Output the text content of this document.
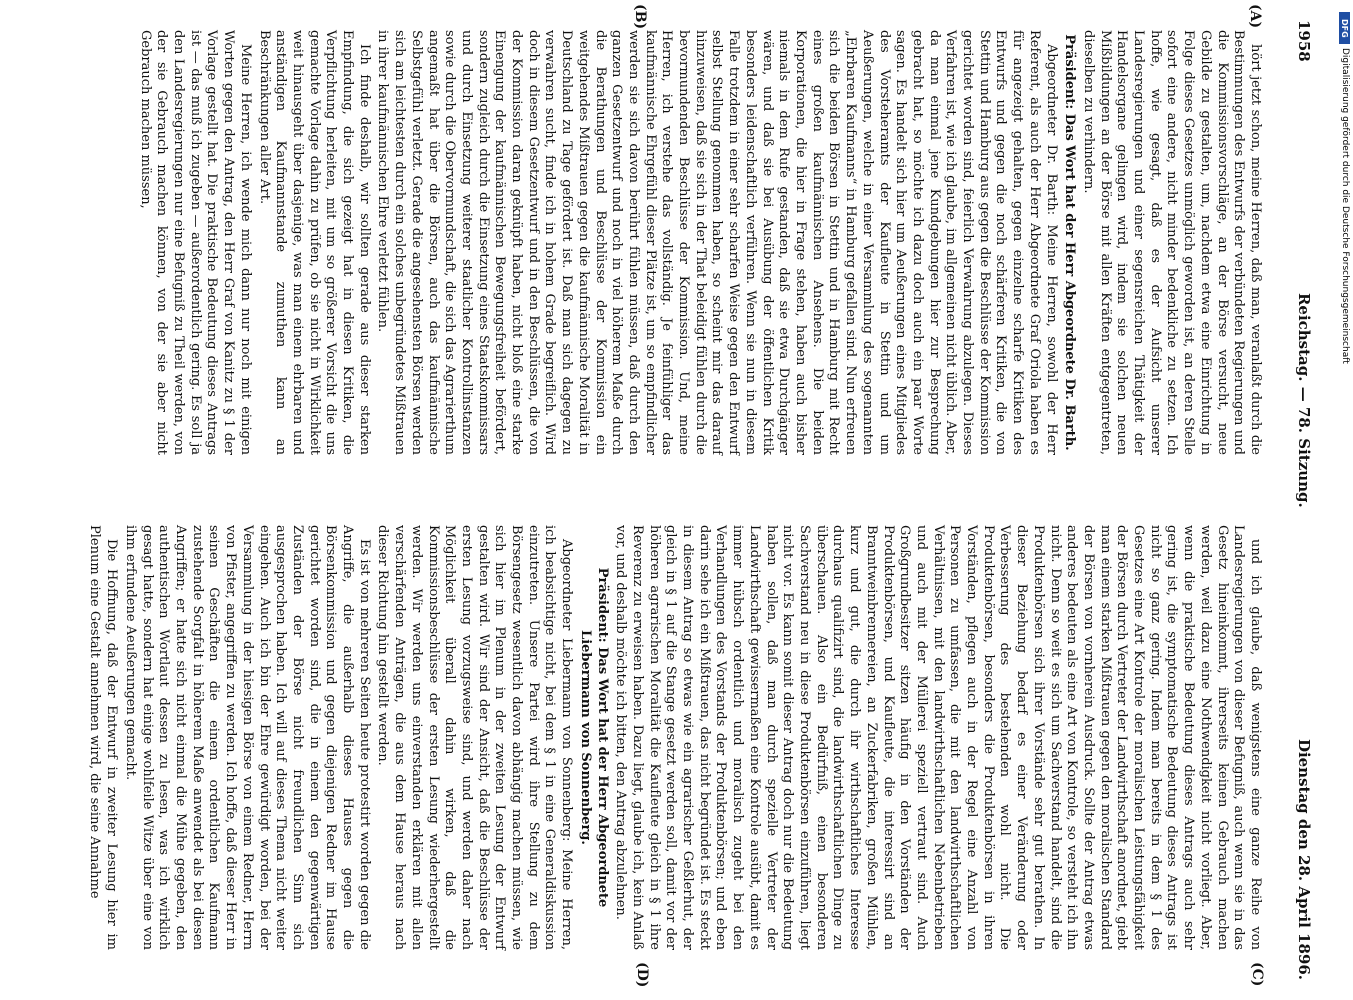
1958
Reichstag. — 78. Sitzung.
Dienstag den 28. April 1896.
(A)
(B)
(C)
(D)

hört jetzt schon, meine Herren, daß man, veranlaßt durch die Bestimmungen des Entwurfs der verbündeten Regierungen und die Kommissionsvorschläge, an der Börse versucht, neue Gebilde zu gestalten, um, nachdem etwa eine Einrichtung in Folge dieses Gesetzes unmöglich geworden ist, an deren Stelle sofort eine andere, nicht minder bedenkliche zu setzen. Ich hoffe, wie gesagt, daß es der Aufsicht unserer Landesregierungen und einer segensreichen Thätigkeit der Handelsorgane gelingen wird, indem sie solchen neuen Mißbildungen an der Börse mit allen Kräften entgegentreten, dieselben zu verhindern.

Präsident: Das Wort hat der Herr Abgeordnete Dr. Barth.

Abgeordneter Dr. Barth: Meine Herren, sowohl der Herr Referent, als auch der Herr Abgeordnete Graf Oriola haben es für angezeigt gehalten, gegen einzelne scharfe Kritiken des Entwurfs und gegen die noch schärferen Kritiken, die von Stettin und Hamburg aus gegen die Beschlüsse der Kommission gerichtet worden sind, feierlich Verwahrung abzulegen. Dieses Verfahren ist, wie ich glaube, im allgemeinen nicht üblich. Aber, da man einmal jene Kundgebungen hier zur Besprechung gebracht hat, so möchte ich dazu doch auch ein paar Worte sagen. Es handelt sich hier um Aeußerungen eines Mitgliedes des Vorsteheramts der Kaufleute in Stettin und um Aeußerungen, welche in einer Versammlung des sogenannten „Ehrbaren Kaufmanns“ in Hamburg gefallen sind. Nun erfreuen sich die beiden Börsen in Stettin und in Hamburg mit Recht eines großen kaufmännischen Ansehens. Die beiden Korporationen, die hier in Frage stehen, haben auch bisher niemals in dem Rufe gestanden, daß sie etwa Durchgänger wären, und daß sie bei Ausübung der öffentlichen Kritik besonders leidenschaftlich verführen. Wenn sie nun in diesem Falle trotzdem in einer sehr scharfen Weise gegen den Entwurf selbst Stellung genommen haben, so scheint mir das darauf hinzuweisen, daß sie sich in der That beleidigt fühlen durch die bevormundenden Beschlüsse der Kommission. Und, meine Herren, ich verstehe das vollständig. Je feinfühliger das kaufmännische Ehrgefühl dieser Plätze ist, um so empfindlicher werden sie sich davon berührt fühlen müssen, daß durch den ganzen Gesetzentwurf und noch in viel höherem Maße durch die Berathungen und Beschlüsse der Kommission ein weitgehendes Mißtrauen gegen die kaufmännische Moralität in Deutschland zu Tage gefördert ist. Daß man sich dagegen zu verwahren sucht, finde ich in hohem Grade begreiflich. Wird doch in diesem Gesetzentwurf und in den Beschlüssen, die von der Kommission daran geknüpft haben, nicht bloß eine starke Einengung der kaufmännischen Bewegungsfreiheit befördert, sondern zugleich durch die Einsetzung eines Staatskommissars und durch Einsetzung weiterer staatlicher Kontrollinstanzen sowie durch die Obervormundschaft, die sich das Agrarierthum angemaßt hat über die Börsen, auch das kaufmännische Selbstgefühl verletzt. Gerade die angesehensten Börsen werden sich am leichtesten durch ein solches unbegründetes Mißtrauen in ihrer kaufmännischen Ehre verletzt fühlen.

Ich finde deshalb, wir sollten gerade aus dieser starken Empfindung, die sich gezeigt hat in diesen Kritiken, die Verpflichtung herleiten, mit um so größerer Vorsicht die uns gemachte Vorlage dahin zu prüfen, ob sie nicht in Wirklichkeit weit hinausgeht über dasjenige, was man einem ehrbaren und anständigen Kaufmannstande zumuthen kann an Beschränkungen aller Art.

Meine Herren, ich wende mich dann nur noch mit einigen Worten gegen den Antrag, den Herr Graf von Kanitz zu § 1 der Vorlage gestellt hat. Die praktische Bedeutung dieses Antrags ist — das muß ich zugeben — außerordentlich gering. Es soll ja den Landesregierungen nur eine Befugniß zu Theil werden, von der sie Gebrauch machen können, von der sie aber nicht Gebrauch machen müssen,

und ich glaube, daß wenigstens eine ganze Reihe von Landesregierungen von dieser Befugniß, auch wenn sie in das Gesetz hineinkommt, ihrerseits keinen Gebrauch machen werden, weil dazu eine Nothwendigkeit nicht vorliegt. Aber, wenn die praktische Bedeutung dieses Antrags auch sehr gering ist, die symptomatische Bedeutung dieses Antrags ist nicht so ganz gering. Indem man bereits in dem § 1 des Gesetzes eine Art Kontrole der moralischen Leistungsfähigkeit der Börsen durch Vertreter der Landwirthschaft anordnet, giebt man einem starken Mißtrauen gegen den moralischen Standard der Börsen von vornherein Ausdruck. Sollte der Antrag etwas anderes bedeuten als eine Art von Kontrole, so versteht ich ihn nicht. Denn so weit es sich um Sachverstand handelt, sind die Produktenbörsen sich ihrer Vorstände sehr gut berathen. In dieser Beziehung bedarf es einer Veränderung oder Verbesserung des bestehenden wohl nicht. Die Produktenbörsen, besonders die Produktenbörsen in ihren Vorständen, pflegen auch in der Regel eine Anzahl von Personen zu umfassen, die mit den landwirthschaftlichen Verhältnissen, mit den landwirthschaftlichen Nebenbetrieben und auch mit der Müllerei speziell vertraut sind. Auch Großgrundbesitzer sitzen häufig in den Vorständen der Produktenbörsen, und Kaufleute, die interessirt sind an Branntweinbrennereien, an Zuckerfabriken, großen Mühlen, kurz und gut, die durch ihr wirthschaftliches Interesse durchaus qualifizirt sind, die landwirthschaftlichen Dinge zu überschauen. Also ein Bedürfniß, einen besonderen Sachverstand neu in diese Produktenbörsen einzuführen, liegt nicht vor. Es kann somit dieser Antrag doch nur die Bedeutung haben sollen, daß man durch spezielle Vertreter der Landwirthschaft gewissermaßen eine Kontrole ausübt, damit es immer hübsch ordentlich und moralisch zugeht bei den Verhandlungen des Vorstands der Produktenbörsen; und eben darin sehe ich ein Mißtrauen, das nicht begründet ist. Es steckt in diesem Antrag so etwas wie ein agrarischer Geßlerhut, der gleich in § 1 auf die Stange gesetzt werden soll, damit vor der höheren agrarischen Moralität die Kaufleute gleich in § 1 ihre Reverenz zu erweisen haben. Dazu liegt, glaube ich, kein Anlaß vor, und deshalb möchte ich bitten, den Antrag abzulehnen.

Präsident: Das Wort hat der Herr Abgeordnete Liebermann von Sonnenberg.

Abgeordneter Liebermann von Sonnenberg: Meine Herren, ich beabsichtige nicht, bei dem § 1 in eine Generaldiskussion einzutreten. Unsere Partei wird ihre Stellung zu dem Börsengesetz wesentlich davon abhängig machen müssen, wie sich hier im Plenum in der zweiten Lesung der Entwurf gestalten wird. Wir sind der Ansicht, daß die Beschlüsse der ersten Lesung vorzugsweise sind, und werden daher nach Möglichkeit überall dahin wirken, daß die Kommissionsbeschlüsse der ersten Lesung wiederhergestellt werden. Wir werden uns einverstanden erklären mit allen verschärfenden Anträgen, die aus dem Hause heraus nach dieser Richtung hin gestellt werden.

Es ist von mehreren Seiten heute protestirt worden gegen die Angriffe, die außerhalb dieses Hauses gegen die Börsenkommission und gegen diejenigen Redner im Hause gerichtet worden sind, die in einem den gegenwärtigen Zuständen der Börse nicht freundlichen Sinn sich ausgesprochen haben. Ich will auf dieses Thema nicht weiter eingehen. Auch ich bin der Ehre gewürdigt worden, bei der Versammlung in der hiesigen Börse von einem Redner, Herrn von Pfister, angegriffen zu werden. Ich hoffe, daß dieser Herr in seinen Geschäften die einem ordentlichen Kaufmann zustehende Sorgfalt in höherem Maße anwendet als bei diesen Angriffen; er hatte sich nicht einmal die Mühe gegeben, den authentischen Wortlaut dessen zu lesen, was ich wirklich gesagt hatte, sondern hat einige wohlfeile Witze über eine von ihm erfundene Aeußerungen gemacht.

Die Hoffnung, daß der Entwurf in zweiter Lesung hier im Plenum eine Gestalt annehmen wird, die seine Annahme

DFG
Digitalisierung gefördert durch die Deutsche Forschungsgemeinschaft
